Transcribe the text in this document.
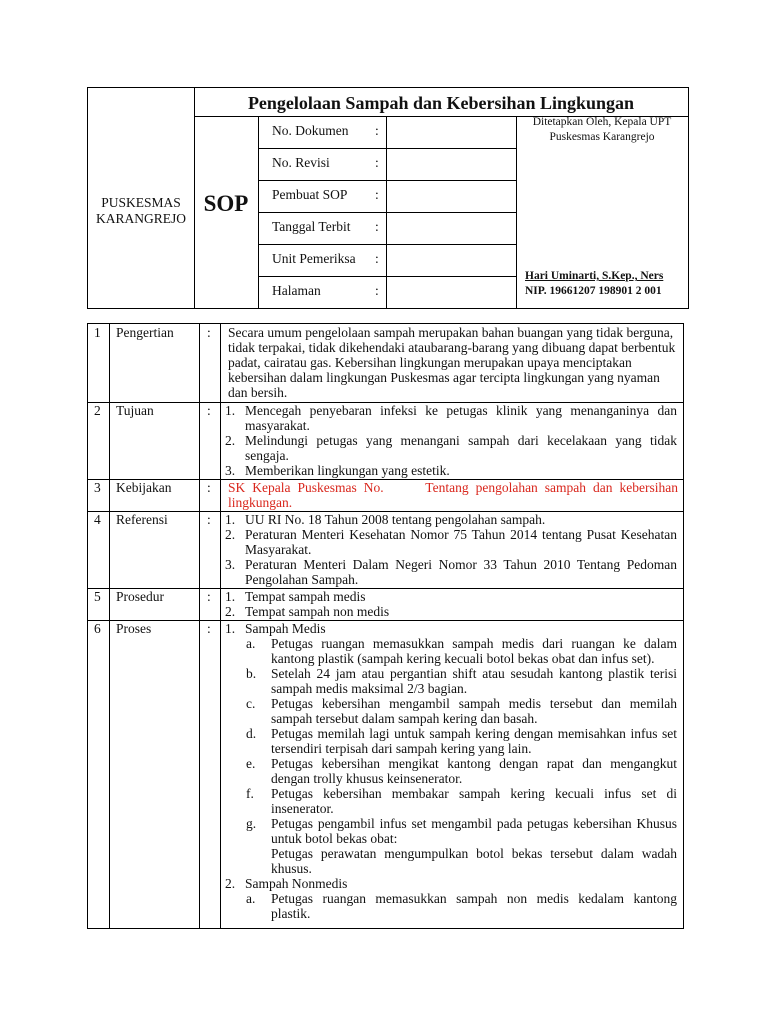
PUSKESMAS KARANGREJO
Pengelolaan Sampah dan Kebersihan Lingkungan
SOP
No. Dokumen :
No. Revisi	:
Pembuat SOP :
Tanggal Terbit :
Unit Pemeriksa :
Halaman	:
Ditetapkan Oleh, Kepala UPT Puskesmas Karangrejo
Hari Uminarti, S.Kep., Ners
NIP. 19661207 198901 2 001
1 Pengertian : Secara umum pengelolaan sampah merupakan bahan buangan yang tidak berguna, tidak terpakai, tidak dikehendaki ataubarang-barang yang dibuang dapat berbentuk padat, cairatau gas. Kebersihan lingkungan merupakan upaya menciptakan kebersihan dalam lingkungan Puskesmas agar tercipta lingkungan yang nyaman dan bersih.
2 Tujuan	: 1. Mencegah penyebaran infeksi ke petugas klinik yang menanganinya dan masyarakat.
2. Melindungi petugas yang menangani sampah dari kecelakaan yang tidak sengaja.
3. Memberikan lingkungan yang estetik.
3 Kebijakan	: SK Kepala Puskesmas No.      Tentang pengolahan sampah dan kebersihan lingkungan.
4 Referensi	: 1. UU RI No. 18 Tahun 2008 tentang pengolahan sampah.
2. Peraturan Menteri Kesehatan Nomor 75 Tahun 2014 tentang Pusat Kesehatan Masyarakat.
3. Peraturan Menteri Dalam Negeri Nomor 33 Tahun 2010 Tentang Pedoman Pengolahan Sampah.
5 Prosedur	: 1. Tempat sampah medis
2. Tempat sampah non medis
6 Proses	: 1. Sampah Medis
a. Petugas ruangan memasukkan sampah medis dari ruangan ke dalam kantong plastik (sampah kering kecuali botol bekas obat dan infus set).
b. Setelah 24 jam atau pergantian shift atau sesudah kantong plastik terisi sampah medis maksimal 2/3 bagian.
c. Petugas kebersihan mengambil sampah medis tersebut dan memilah sampah tersebut dalam sampah kering dan basah.
d. Petugas memilah lagi untuk sampah kering dengan memisahkan infus set tersendiri terpisah dari sampah kering yang lain.
e. Petugas kebersihan mengikat kantong dengan rapat dan mengangkut dengan trolly khusus keinsenerator.
f. Petugas kebersihan membakar sampah kering kecuali infus set di insenerator.
g. Petugas pengambil infus set mengambil pada petugas kebersihan Khusus untuk botol bekas obat:
Petugas perawatan mengumpulkan botol bekas tersebut dalam wadah khusus.
2. Sampah Nonmedis
a. Petugas ruangan memasukkan sampah non medis kedalam kantong plastik.
